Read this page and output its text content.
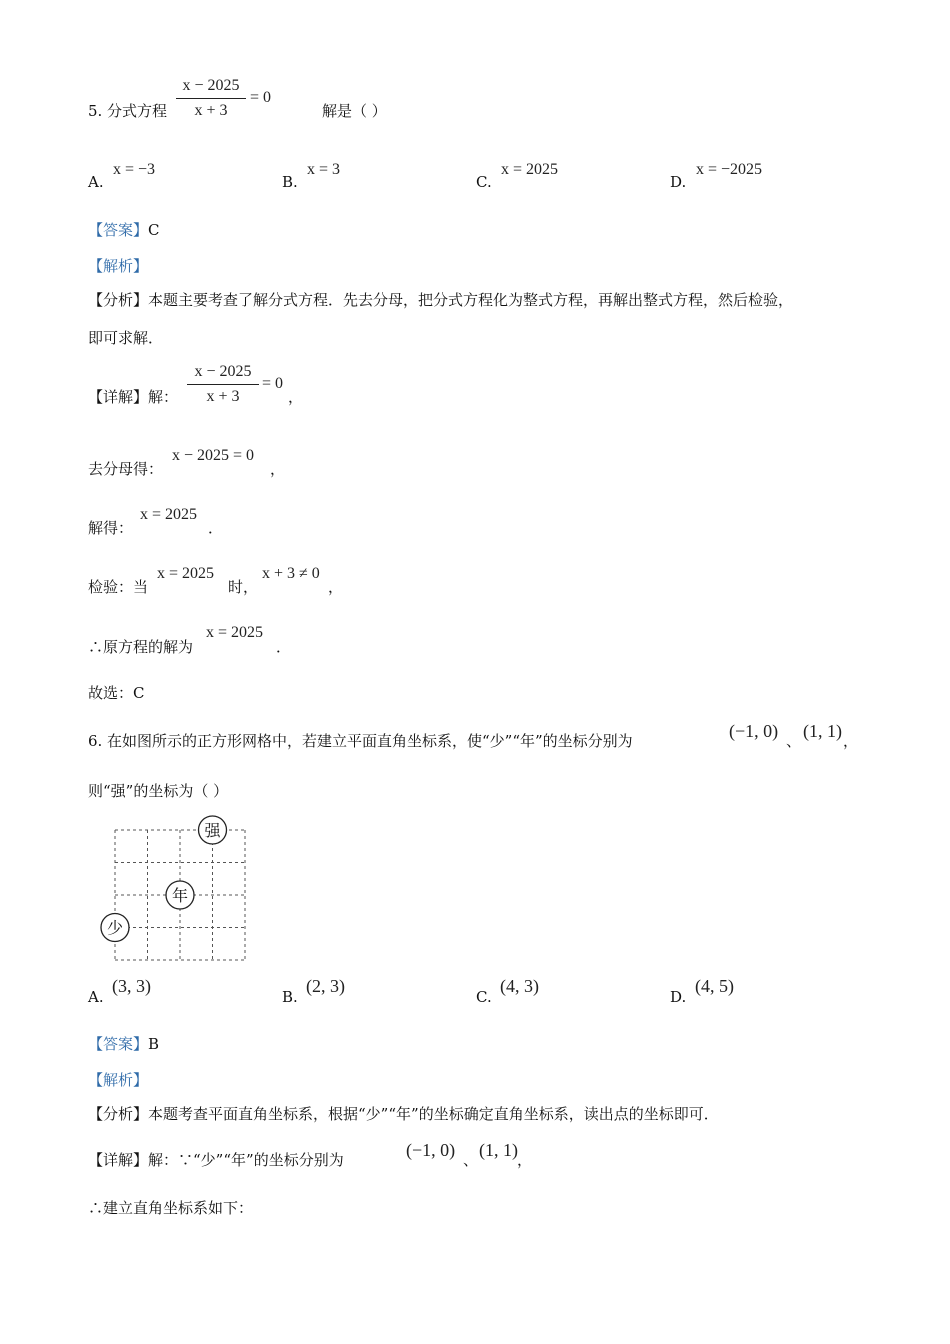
5. 分式方程
x − 2025
x + 3
= 0
解是（ ）
A.
x = −3
B.
x = 3
C.
x = 2025
D.
x = −2025
【答案】C
【解析】
【分析】本题主要考查了解分式方程．先去分母，把分式方程化为整式方程，再解出整式方程，然后检验，
即可求解．
【详解】解：
x − 2025
x + 3
= 0
，
去分母得：
x − 2025 = 0
，
解得：
x = 2025
．
检验：当
x = 2025
时，
x + 3 ≠ 0
，
∴原方程的解为
x = 2025
．
故选：C
6. 在如图所示的正方形网格中，若建立平面直角坐标系，使“少”“年”的坐标分别为	(−1, 0) 、 (1, 1) ，
则“强”的坐标为（ ）
强
年
少
A.
(3, 3)
B.
(2, 3)
C.
(4, 3)
D.
(4, 5)
【答案】B
【解析】
【分析】本题考查平面直角坐标系，根据“少”“年”的坐标确定直角坐标系，读出点的坐标即可．
【详解】解：∵“少”“年”的坐标分别为	(−1, 0) 、 (1, 1) ，
∴建立直角坐标系如下：
